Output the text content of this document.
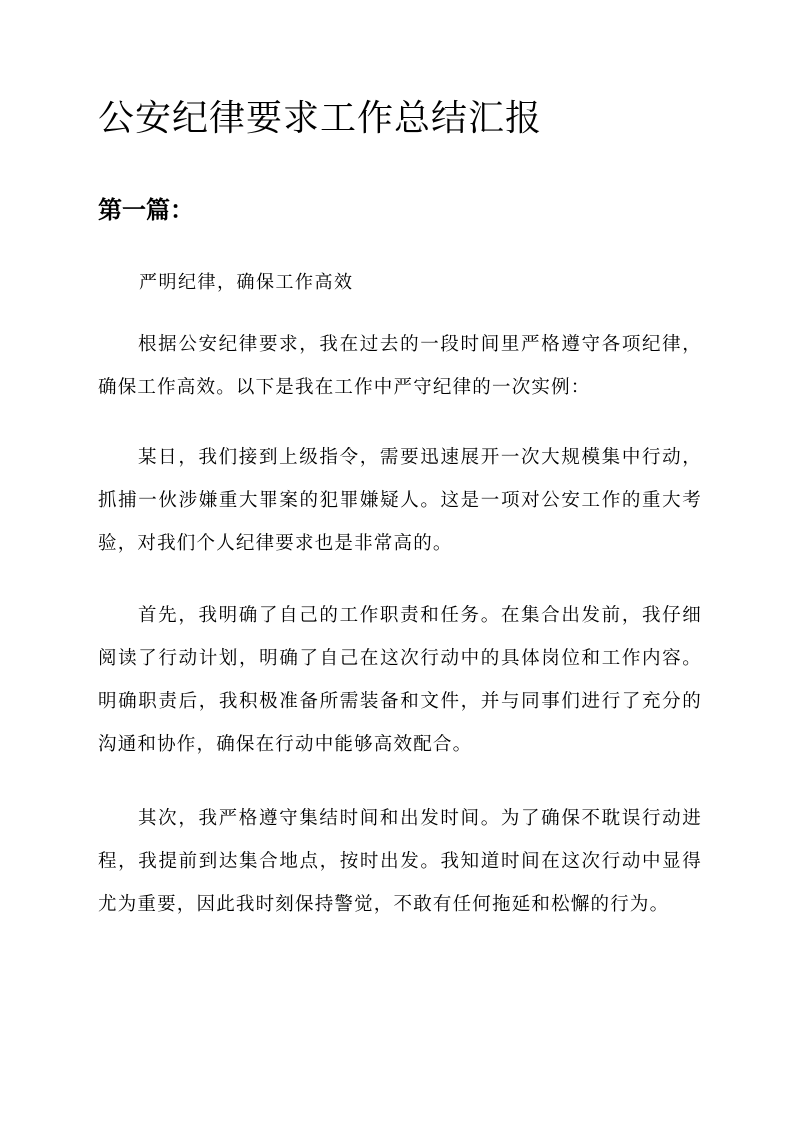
公安纪律要求工作总结汇报
第一篇：

严明纪律，确保工作高效

根据公安纪律要求，我在过去的一段时间里严格遵守各项纪律，确保工作高效。以下是我在工作中严守纪律的一次实例：

某日，我们接到上级指令，需要迅速展开一次大规模集中行动，抓捕一伙涉嫌重大罪案的犯罪嫌疑人。这是一项对公安工作的重大考验，对我们个人纪律要求也是非常高的。

首先，我明确了自己的工作职责和任务。在集合出发前，我仔细阅读了行动计划，明确了自己在这次行动中的具体岗位和工作内容。明确职责后，我积极准备所需装备和文件，并与同事们进行了充分的沟通和协作，确保在行动中能够高效配合。

其次，我严格遵守集结时间和出发时间。为了确保不耽误行动进程，我提前到达集合地点，按时出发。我知道时间在这次行动中显得尤为重要，因此我时刻保持警觉，不敢有任何拖延和松懈的行为。
